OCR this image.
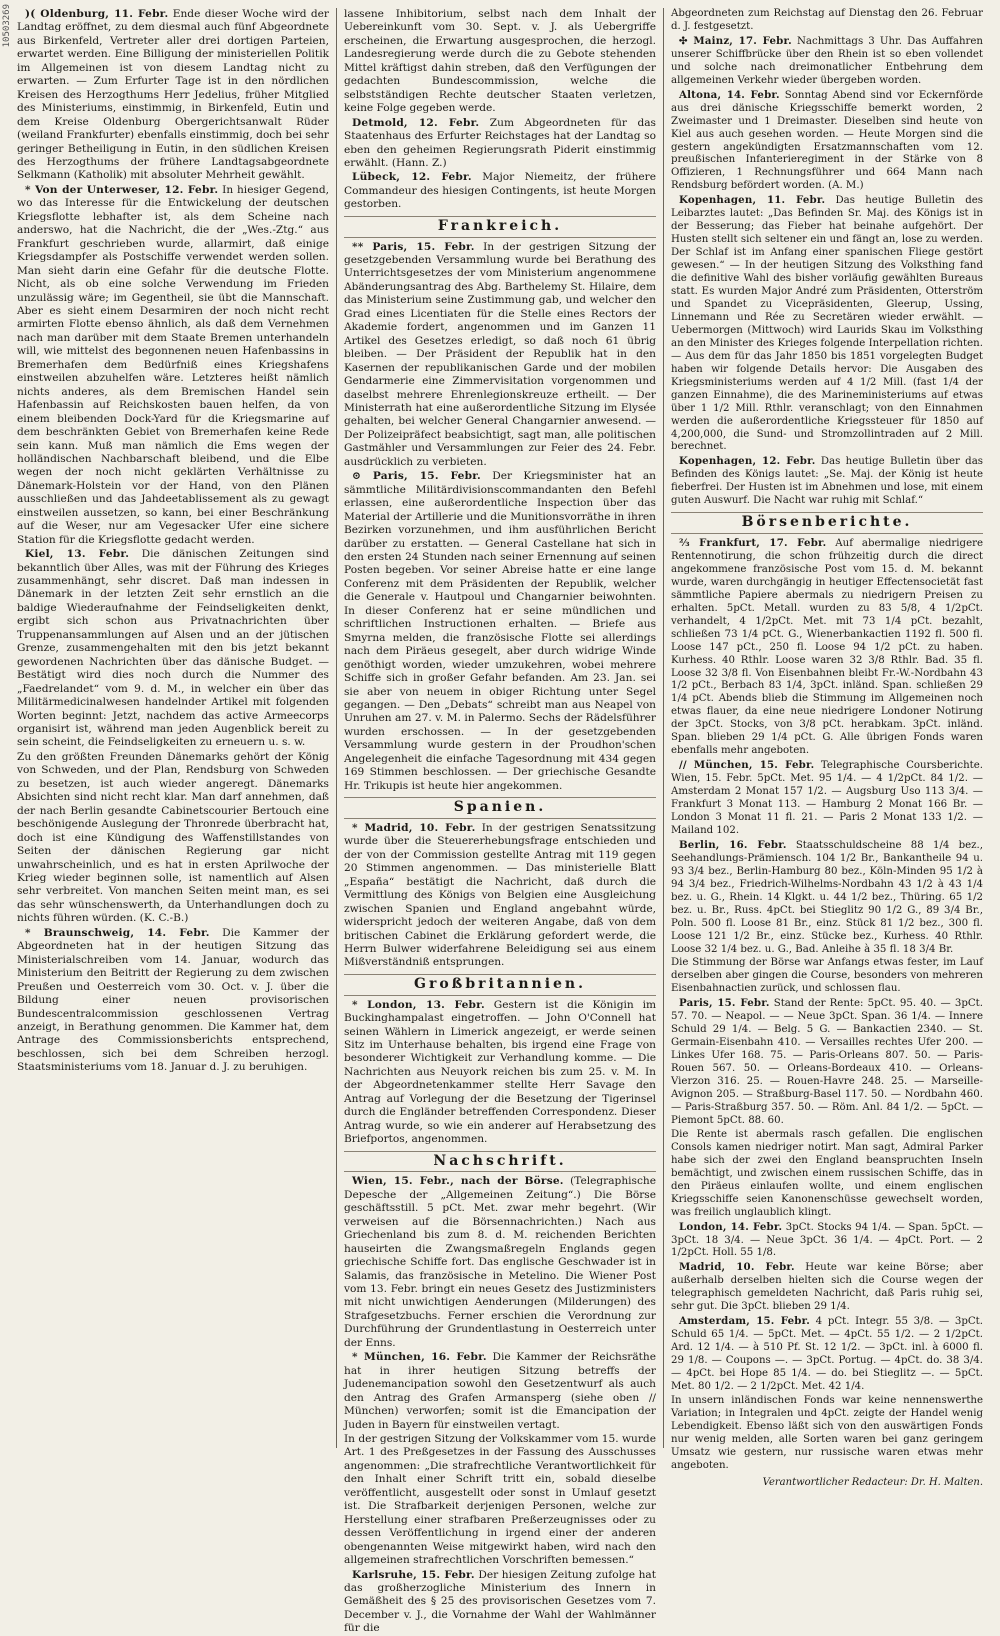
10503269	)( Oldenburg, 11. Febr. Ende dieser Woche wird der Landtag eröffnet, zu dem diesmal auch fünf Abgeordnete aus Birkenfeld, Vertreter aller drei dortigen Parteien, erwartet werden. Eine Billigung der ministeriellen Politik im Allgemeinen ist von diesem Landtag nicht zu erwarten. — Zum Erfurter Tage ist in den nördlichen Kreisen des Herzogthums Herr Jedelius, früher Mitglied des Ministeriums, einstimmig, in Birkenfeld, Eutin und dem Kreise Oldenburg Obergerichtsanwalt Rüder (weiland Frankfurter) ebenfalls einstimmig, doch bei sehr geringer Betheiligung in Eutin, in den südlichen Kreisen des Herzogthums der frühere Landtagsabgeordnete Selkmann (Katholik) mit absoluter Mehrheit gewählt.

* Von der Unterweser, 12. Febr. In hiesiger Gegend, wo das Interesse für die Entwickelung der deutschen Kriegsflotte lebhafter ist, als dem Scheine nach anderswo, hat die Nachricht, die der „Wes.-Ztg.“ aus Frankfurt geschrieben wurde, allarmirt, daß einige Kriegsdampfer als Postschiffe verwendet werden sollen. Man sieht darin eine Gefahr für die deutsche Flotte. Nicht, als ob eine solche Verwendung im Frieden unzulässig wäre; im Gegentheil, sie übt die Mannschaft. Aber es sieht einem Desarmiren der noch nicht recht armirten Flotte ebenso ähnlich, als daß dem Vernehmen nach man darüber mit dem Staate Bremen unterhandeln will, wie mittelst des begonnenen neuen Hafenbassins in Bremerhafen dem Bedürfniß eines Kriegshafens einstweilen abzuhelfen wäre. Letzteres heißt nämlich nichts anderes, als dem Bremischen Handel sein Hafenbassin auf Reichskosten bauen helfen, da von einem bleibenden Dock-Yard für die Kriegsmarine auf dem beschränkten Gebiet von Bremerhafen keine Rede sein kann. Muß man nämlich die Ems wegen der holländischen Nachbarschaft bleibend, und die Elbe wegen der noch nicht geklärten Verhältnisse zu Dänemark-Holstein vor der Hand, von den Plänen ausschließen und das Jahdeetablissement als zu gewagt einstweilen aussetzen, so kann, bei einer Beschränkung auf die Weser, nur am Vegesacker Ufer eine sichere Station für die Kriegsflotte gedacht werden.

Kiel, 13. Febr. Die dänischen Zeitungen sind bekanntlich über Alles, was mit der Führung des Krieges zusammenhängt, sehr discret. Daß man indessen in Dänemark in der letzten Zeit sehr ernstlich an die baldige Wiederaufnahme der Feindseligkeiten denkt, ergibt sich schon aus Privatnachrichten über Truppenansammlungen auf Alsen und an der jütischen Grenze, zusammengehalten mit den bis jetzt bekannt gewordenen Nachrichten über das dänische Budget. — Bestätigt wird dies noch durch die Nummer des „Faedrelandet“ vom 9. d. M., in welcher ein über das Militärmedicinalwesen handelnder Artikel mit folgenden Worten beginnt: Jetzt, nachdem das active Armeecorps organisirt ist, während man jeden Augenblick bereit zu sein scheint, die Feindseligkeiten zu erneuern u. s. w.

Zu den größten Freunden Dänemarks gehört der König von Schweden, und der Plan, Rendsburg von Schweden zu besetzen, ist auch wieder angeregt. Dänemarks Absichten sind nicht recht klar. Man darf annehmen, daß der nach Berlin gesandte Cabinetscourier Bertouch eine beschönigende Auslegung der Thronrede überbracht hat, doch ist eine Kündigung des Waffenstillstandes von Seiten der dänischen Regierung gar nicht unwahrscheinlich, und es hat in ersten Aprilwoche der Krieg wieder beginnen solle, ist namentlich auf Alsen sehr verbreitet. Von manchen Seiten meint man, es sei das sehr wünschenswerth, da Unterhandlungen doch zu nichts führen würden. (K. C.-B.)

* Braunschweig, 14. Febr. Die Kammer der Abgeordneten hat in der heutigen Sitzung das Ministerialschreiben vom 14. Januar, wodurch das Ministerium den Beitritt der Regierung zu dem zwischen Preußen und Oesterreich vom 30. Oct. v. J. über die Bildung einer neuen provisorischen Bundescentralcommission geschlossenen Vertrag anzeigt, in Berathung genommen. Die Kammer hat, dem Antrage des Commissionsberichts entsprechend, beschlossen, sich bei dem Schreiben herzogl. Staatsministeriums vom 18. Januar d. J. zu beruhigen.

lassene Inhibitorium, selbst nach dem Inhalt der Uebereinkunft vom 30. Sept. v. J. als Uebergriffe erscheinen, die Erwartung ausgesprochen, die herzogl. Landesregierung werde durch die zu Gebote stehenden Mittel kräftigst dahin streben, daß den Verfügungen der gedachten Bundescommission, welche die selbstständigen Rechte deutscher Staaten verletzen, keine Folge gegeben werde.

Detmold, 12. Febr. Zum Abgeordneten für das Staatenhaus des Erfurter Reichstages hat der Landtag so eben den geheimen Regierungsrath Piderit einstimmig erwählt. (Hann. Z.)

Lübeck, 12. Febr. Major Niemeitz, der frühere Commandeur des hiesigen Contingents, ist heute Morgen gestorben.

Frankreich.

** Paris, 15. Febr. In der gestrigen Sitzung der gesetzgebenden Versammlung wurde bei Berathung des Unterrichtsgesetzes der vom Ministerium angenommene Abänderungsantrag des Abg. Barthelemy St. Hilaire, dem das Ministerium seine Zustimmung gab, und welcher den Grad eines Licentiaten für die Stelle eines Rectors der Akademie fordert, angenommen und im Ganzen 11 Artikel des Gesetzes erledigt, so daß noch 61 übrig bleiben. — Der Präsident der Republik hat in den Kasernen der republikanischen Garde und der mobilen Gendarmerie eine Zimmervisitation vorgenommen und daselbst mehrere Ehrenlegionskreuze ertheilt. — Der Ministerrath hat eine außerordentliche Sitzung im Elysée gehalten, bei welcher General Changarnier anwesend. — Der Polizeipräfect beabsichtigt, sagt man, alle politischen Gastmähler und Versammlungen zur Feier des 24. Febr. ausdrücklich zu verbieten.

⊙ Paris, 15. Febr. Der Kriegsminister hat an sämmtliche Militärdivisionscommandanten den Befehl erlassen, eine außerordentliche Inspection über das Material der Artillerie und die Munitionsvorräthe in ihren Bezirken vorzunehmen, und ihm ausführlichen Bericht darüber zu erstatten. — General Castellane hat sich in den ersten 24 Stunden nach seiner Ernennung auf seinen Posten begeben. Vor seiner Abreise hatte er eine lange Conferenz mit dem Präsidenten der Republik, welcher die Generale v. Hautpoul und Changarnier beiwohnten. In dieser Conferenz hat er seine mündlichen und schriftlichen Instructionen erhalten. — Briefe aus Smyrna melden, die französische Flotte sei allerdings nach dem Piräeus gesegelt, aber durch widrige Winde genöthigt worden, wieder umzukehren, wobei mehrere Schiffe sich in großer Gefahr befanden. Am 23. Jan. sei sie aber von neuem in obiger Richtung unter Segel gegangen. — Den „Debats“ schreibt man aus Neapel von Unruhen am 27. v. M. in Palermo. Sechs der Rädelsführer wurden erschossen. — In der gesetzgebenden Versammlung wurde gestern in der Proudhon'schen Angelegenheit die einfache Tagesordnung mit 434 gegen 169 Stimmen beschlossen. — Der griechische Gesandte Hr. Trikupis ist heute hier angekommen.

Spanien.

* Madrid, 10. Febr. In der gestrigen Senatssitzung wurde über die Steuererhebungsfrage entschieden und der von der Commission gestellte Antrag mit 119 gegen 20 Stimmen angenommen. — Das ministerielle Blatt „España“ bestätigt die Nachricht, daß durch die Vermittlung des Königs von Belgien eine Ausgleichung zwischen Spanien und England angebahnt würde, widerspricht jedoch der weiteren Angabe, daß von dem britischen Cabinet die Erklärung gefordert werde, die Herrn Bulwer widerfahrene Beleidigung sei aus einem Mißverständniß entsprungen.

Großbritannien.

* London, 13. Febr. Gestern ist die Königin im Buckinghampalast eingetroffen. — John O'Connell hat seinen Wählern in Limerick angezeigt, er werde seinen Sitz im Unterhause behalten, bis irgend eine Frage von besonderer Wichtigkeit zur Verhandlung komme. — Die Nachrichten aus Neuyork reichen bis zum 25. v. M. In der Abgeordnetenkammer stellte Herr Savage den Antrag auf Vorlegung der die Besetzung der Tigerinsel durch die Engländer betreffenden Correspondenz. Dieser Antrag wurde, so wie ein anderer auf Herabsetzung des Briefportos, angenommen.

Nachschrift.

Wien, 15. Febr., nach der Börse. (Telegraphische Depesche der „Allgemeinen Zeitung“.) Die Börse geschäftsstill. 5 pCt. Met. zwar mehr begehrt. (Wir verweisen auf die Börsennachrichten.) Nach aus Griechenland bis zum 8. d. M. reichenden Berichten hauseirten die Zwangsmaßregeln Englands gegen griechische Schiffe fort. Das englische Geschwader ist in Salamis, das französische in Metelino. Die Wiener Post vom 13. Febr. bringt ein neues Gesetz des Justizministers mit nicht unwichtigen Aenderungen (Milderungen) des Strafgesetzbuchs. Ferner erschien die Verordnung zur Durchführung der Grundentlastung in Oesterreich unter der Enns.

* München, 16. Febr. Die Kammer der Reichsräthe hat in ihrer heutigen Sitzung betreffs der Judenemancipation sowohl den Gesetzentwurf als auch den Antrag des Grafen Armansperg (siehe oben // München) verworfen; somit ist die Emancipation der Juden in Bayern für einstweilen vertagt.

In der gestrigen Sitzung der Volkskammer vom 15. wurde Art. 1 des Preßgesetzes in der Fassung des Ausschusses angenommen: „Die strafrechtliche Verantwortlichkeit für den Inhalt einer Schrift tritt ein, sobald dieselbe veröffentlicht, ausgestellt oder sonst in Umlauf gesetzt ist. Die Strafbarkeit derjenigen Personen, welche zur Herstellung einer strafbaren Preßerzeugnisses oder zu dessen Veröffentlichung in irgend einer der anderen obengenannten Weise mitgewirkt haben, wird nach den allgemeinen strafrechtlichen Vorschriften bemessen.“

Karlsruhe, 15. Febr. Der hiesigen Zeitung zufolge hat das großherzogliche Ministerium des Innern in Gemäßheit des § 25 des provisorischen Gesetzes vom 7. December v. J., die Vornahme der Wahl der Wahlmänner für die

Abgeordneten zum Reichstag auf Dienstag den 26. Februar d. J. festgesetzt.

✣ Mainz, 17. Febr. Nachmittags 3 Uhr. Das Auffahren unserer Schiffbrücke über den Rhein ist so eben vollendet und solche nach dreimonatlicher Entbehrung dem allgemeinen Verkehr wieder übergeben worden.

Altona, 14. Febr. Sonntag Abend sind vor Eckernförde aus drei dänische Kriegsschiffe bemerkt worden, 2 Zweimaster und 1 Dreimaster. Dieselben sind heute von Kiel aus auch gesehen worden. — Heute Morgen sind die gestern angekündigten Ersatzmannschaften vom 12. preußischen Infanterieregiment in der Stärke von 8 Offizieren, 1 Rechnungsführer und 664 Mann nach Rendsburg befördert worden. (A. M.)

Kopenhagen, 11. Febr. Das heutige Bulletin des Leibarztes lautet: „Das Befinden Sr. Maj. des Königs ist in der Besserung; das Fieber hat beinahe aufgehört. Der Husten stellt sich seltener ein und fängt an, lose zu werden. Der Schlaf ist im Anfang einer spanischen Fliege gestört gewesen.“ — In der heutigen Sitzung des Volksthing fand die definitive Wahl des bisher vorläufig gewählten Bureaus statt. Es wurden Major André zum Präsidenten, Otterström und Spandet zu Vicepräsidenten, Gleerup, Ussing, Linnemann und Rée zu Secretären wieder erwählt. — Uebermorgen (Mittwoch) wird Laurids Skau im Volksthing an den Minister des Krieges folgende Interpellation richten. — Aus dem für das Jahr 1850 bis 1851 vorgelegten Budget haben wir folgende Details hervor: Die Ausgaben des Kriegsministeriums werden auf 4 1/2 Mill. (fast 1/4 der ganzen Einnahme), die des Marineministeriums auf etwas über 1 1/2 Mill. Rthlr. veranschlagt; von den Einnahmen werden die außerordentliche Kriegssteuer für 1850 auf 4,200,000, die Sund- und Stromzollintraden auf 2 Mill. berechnet.

Kopenhagen, 12. Febr. Das heutige Bulletin über das Befinden des Königs lautet: „Se. Maj. der König ist heute fieberfrei. Der Husten ist im Abnehmen und lose, mit einem guten Auswurf. Die Nacht war ruhig mit Schlaf.“

Börsenberichte.

⅔ Frankfurt, 17. Febr. Auf abermalige niedrigere Rentennotirung, die schon frühzeitig durch die direct angekommene französische Post vom 15. d. M. bekannt wurde, waren durchgängig in heutiger Effectensocietät fast sämmtliche Papiere abermals zu niedrigern Preisen zu erhalten. 5pCt. Metall. wurden zu 83 5/8, 4 1/2pCt. verhandelt, 4 1/2pCt. Met. mit 73 1/4 pCt. bezahlt, schließen 73 1/4 pCt. G., Wienerbankactien 1192 fl. 500 fl. Loose 147 pCt., 250 fl. Loose 94 1/2 pCt. zu haben. Kurhess. 40 Rthlr. Loose waren 32 3/8 Rthlr. Bad. 35 fl. Loose 32 3/8 fl. Von Eisenbahnen bleibt Fr.-W.-Nordbahn 43 1/2 pCt., Berbach 83 1/4, 3pCt. inländ. Span. schließen 29 1/4 pCt. Abends blieb die Stimmung im Allgemeinen noch etwas flauer, da eine neue niedrigere Londoner Notirung der 3pCt. Stocks, von 3/8 pCt. herabkam. 3pCt. inländ. Span. blieben 29 1/4 pCt. G. Alle übrigen Fonds waren ebenfalls mehr angeboten.

// München, 15. Febr. Telegraphische Coursberichte. Wien, 15. Febr. 5pCt. Met. 95 1/4. — 4 1/2pCt. 84 1/2. — Amsterdam 2 Monat 157 1/2. — Augsburg Uso 113 3/4. — Frankfurt 3 Monat 113. — Hamburg 2 Monat 166 Br. — London 3 Monat 11 fl. 21. — Paris 2 Monat 133 1/2. — Mailand 102.

Berlin, 16. Febr. Staatsschuldscheine 88 1/4 bez., Seehandlungs-Prämiensch. 104 1/2 Br., Bankantheile 94 u. 93 3/4 bez., Berlin-Hamburg 80 bez., Köln-Minden 95 1/2 à 94 3/4 bez., Friedrich-Wilhelms-Nordbahn 43 1/2 à 43 1/4 bez. u. G., Rhein. 14 Klgkt. u. 44 1/2 bez., Thüring. 65 1/2 bez. u. Br., Russ. 4pCt. bei Stieglitz 90 1/2 G., 89 3/4 Br., Poln. 500 fl. Loose 81 Br., einz. Stück 81 1/2 bez., 300 fl. Loose 121 1/2 Br., einz. Stücke bez., Kurhess. 40 Rthlr. Loose 32 1/4 bez. u. G., Bad. Anleihe à 35 fl. 18 3/4 Br.

Die Stimmung der Börse war Anfangs etwas fester, im Lauf derselben aber gingen die Course, besonders von mehreren Eisenbahnactien zurück, und schlossen flau.

Paris, 15. Febr. Stand der Rente: 5pCt. 95. 40. — 3pCt. 57. 70. — Neapol. — — Neue 3pCt. Span. 36 1/4. — Innere Schuld 29 1/4. — Belg. 5 G. — Bankactien 2340. — St. Germain-Eisenbahn 410. — Versailles rechtes Ufer 200. — Linkes Ufer 168. 75. — Paris-Orleans 807. 50. — Paris-Rouen 567. 50. — Orleans-Bordeaux 410. — Orleans-Vierzon 316. 25. — Rouen-Havre 248. 25. — Marseille-Avignon 205. — Straßburg-Basel 117. 50. — Nordbahn 460. — Paris-Straßburg 357. 50. — Röm. Anl. 84 1/2. — 5pCt. — Piemont 5pCt. 88. 60.

Die Rente ist abermals rasch gefallen. Die englischen Consols kamen niedriger notirt. Man sagt, Admiral Parker habe sich der zwei den England beanspruchten Inseln bemächtigt, und zwischen einem russischen Schiffe, das in den Piräeus einlaufen wollte, und einem englischen Kriegsschiffe seien Kanonenschüsse gewechselt worden, was freilich unglaublich klingt.

London, 14. Febr. 3pCt. Stocks 94 1/4. — Span. 5pCt. — 3pCt. 18 3/4. — Neue 3pCt. 36 1/4. — 4pCt. Port. — 2 1/2pCt. Holl. 55 1/8.

Madrid, 10. Febr. Heute war keine Börse; aber außerhalb derselben hielten sich die Course wegen der telegraphisch gemeldeten Nachricht, daß Paris ruhig sei, sehr gut. Die 3pCt. blieben 29 1/4.

Amsterdam, 15. Febr. 4 pCt. Integr. 55 3/8. — 3pCt. Schuld 65 1/4. — 5pCt. Met. — 4pCt. 55 1/2. — 2 1/2pCt. Ard. 12 1/4. — à 510 Pf. St. 12 1/2. — 3pCt. inl. à 6000 fl. 29 1/8. — Coupons —. — 3pCt. Portug. — 4pCt. do. 38 3/4. — 4pCt. bei Hope 85 1/4. — do. bei Stieglitz —. — 5pCt. Met. 80 1/2. — 2 1/2pCt. Met. 42 1/4.

In unsern inländischen Fonds war keine nennenswerthe Variation; in Integralen und 4pCt. zeigte der Handel wenig Lebendigkeit. Ebenso läßt sich von den auswärtigen Fonds nur wenig melden, alle Sorten waren bei ganz geringem Umsatz wie gestern, nur russische waren etwas mehr angeboten.

Verantwortlicher Redacteur: Dr. H. Malten.
